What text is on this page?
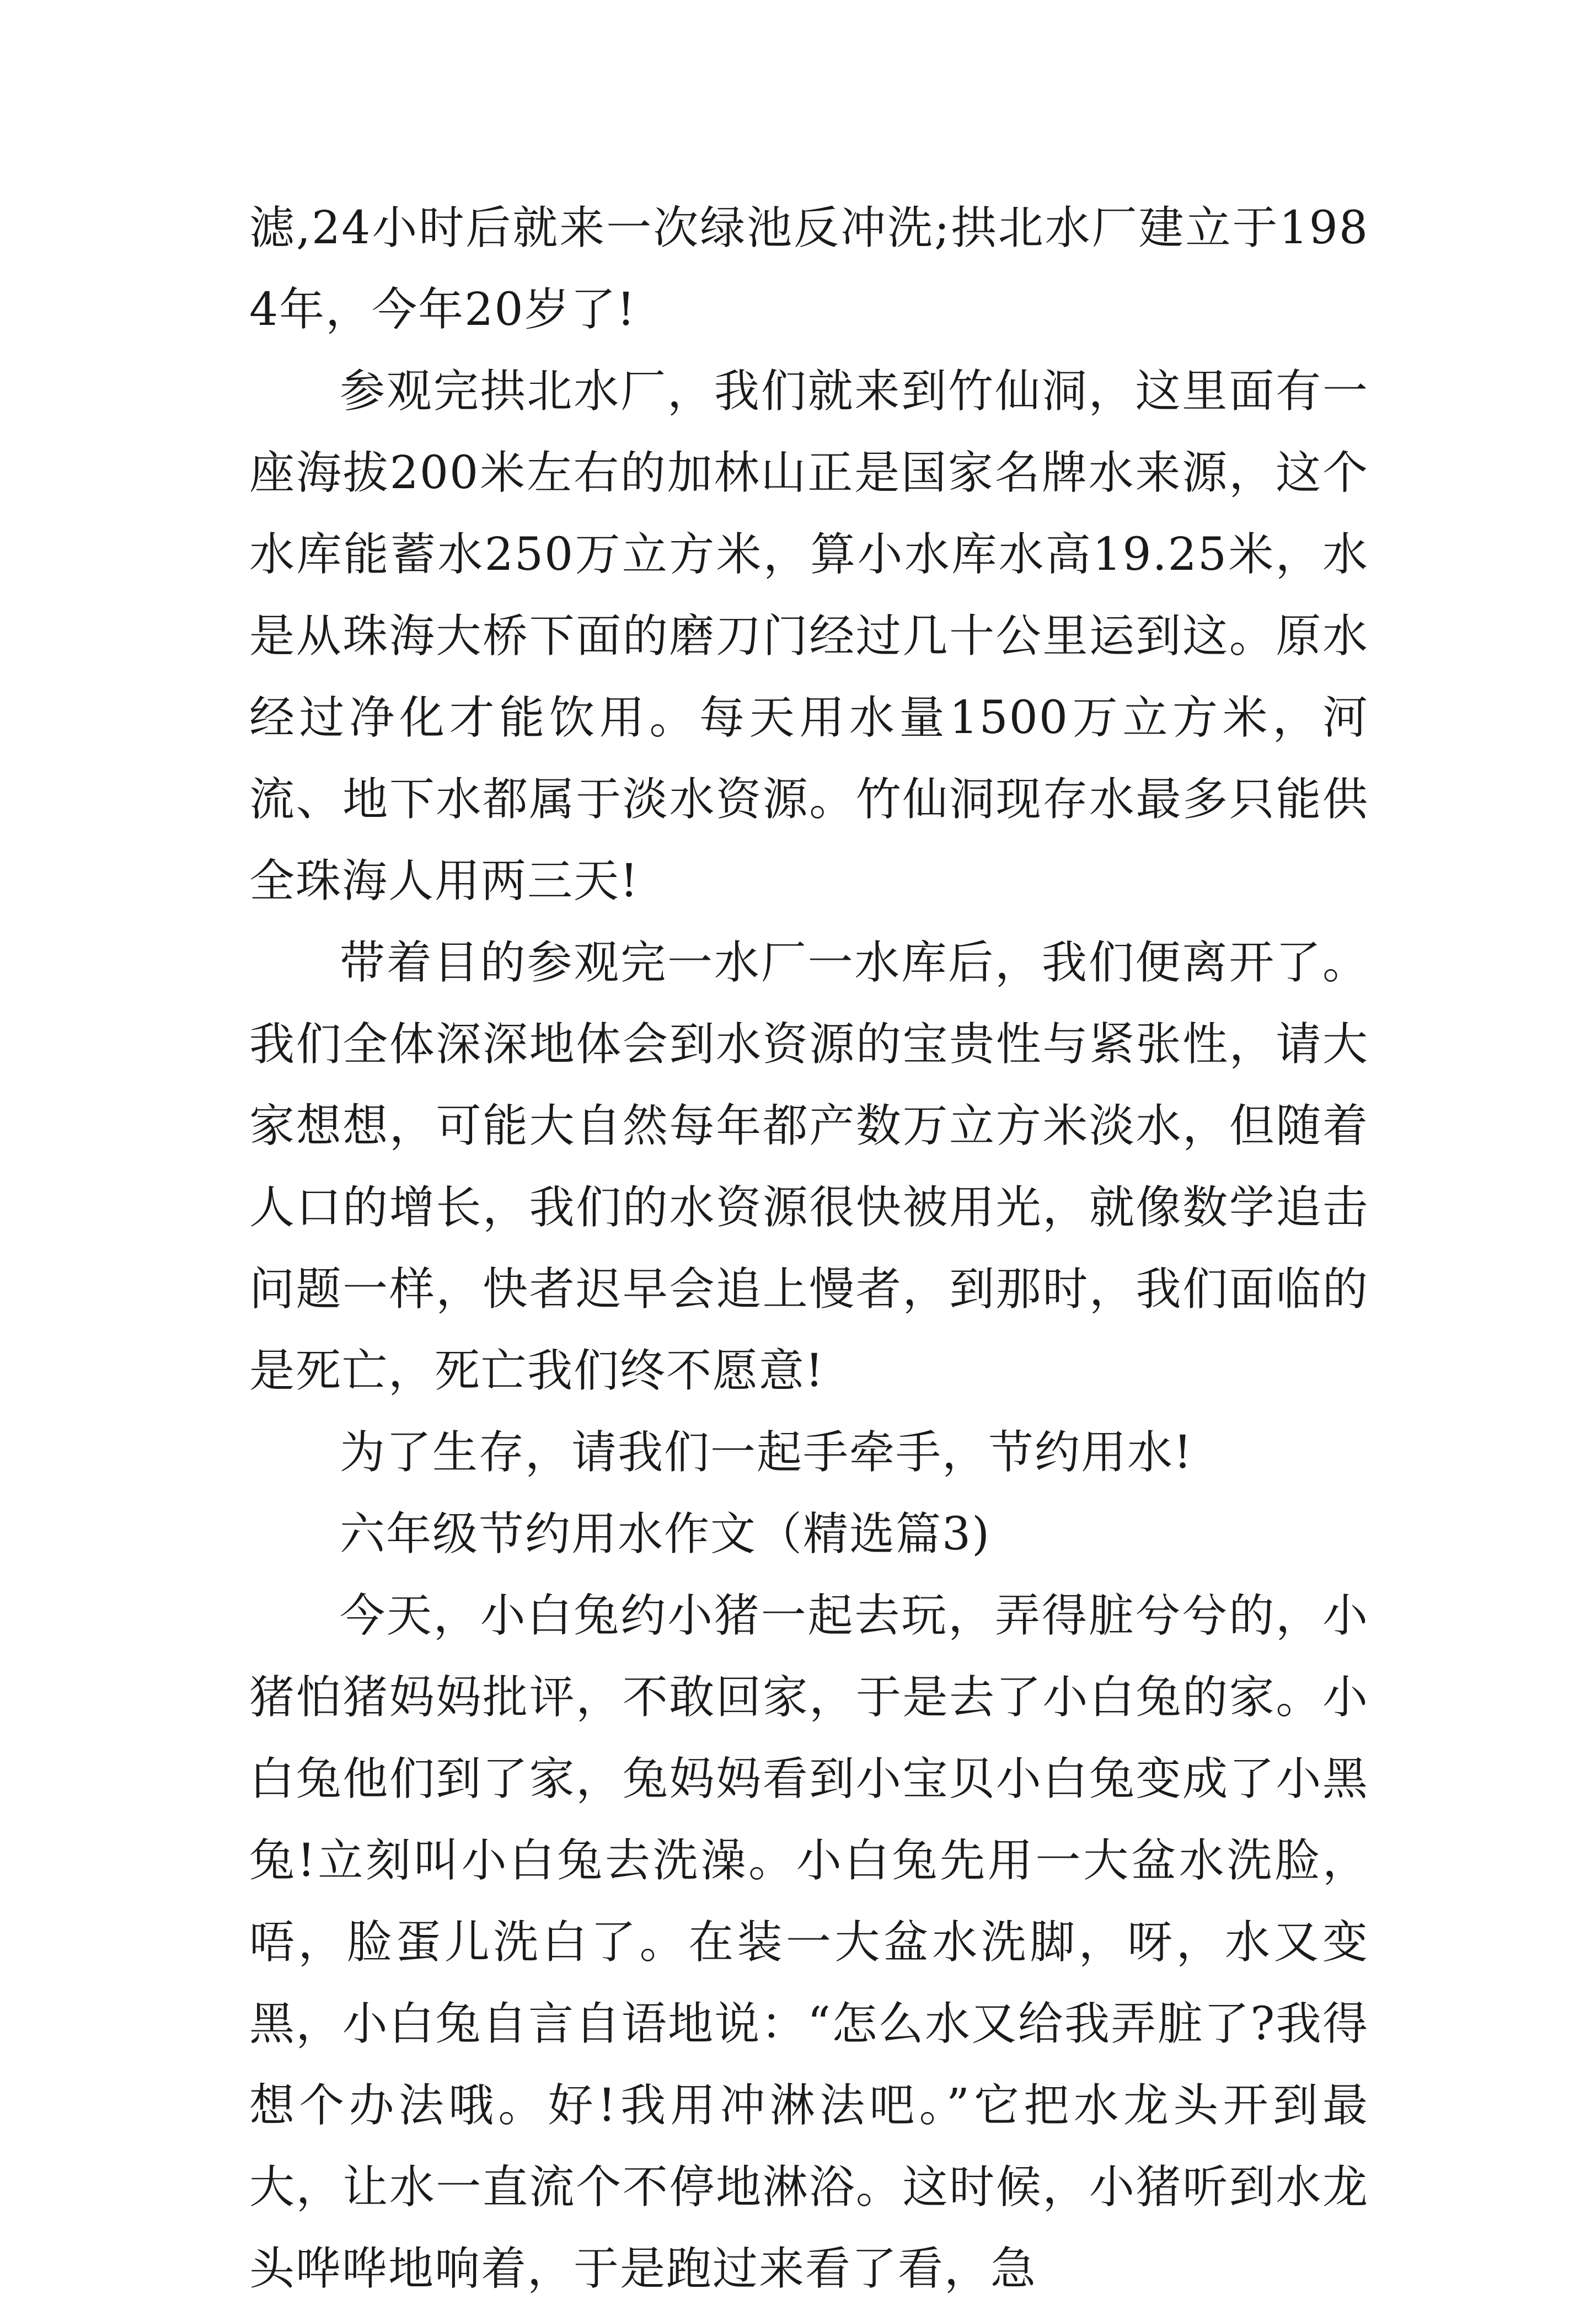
滤,24小时后就来一次绿池反冲洗;拱北水厂建立于1984年，今年20岁了!

参观完拱北水厂，我们就来到竹仙洞，这里面有一座海拔200米左右的加林山正是国家名牌水来源，这个水库能蓄水250万立方米，算小水库水高19.25米，水是从珠海大桥下面的磨刀门经过几十公里运到这。原水经过净化才能饮用。每天用水量1500万立方米，河流、地下水都属于淡水资源。竹仙洞现存水最多只能供全珠海人用两三天!

带着目的参观完一水厂一水库后，我们便离开了。我们全体深深地体会到水资源的宝贵性与紧张性，请大家想想，可能大自然每年都产数万立方米淡水，但随着人口的增长，我们的水资源很快被用光，就像数学追击问题一样，快者迟早会追上慢者，到那时，我们面临的是死亡，死亡我们终不愿意!

为了生存，请我们一起手牵手，节约用水!

六年级节约用水作文（精选篇3)

今天，小白兔约小猪一起去玩，弄得脏兮兮的，小猪怕猪妈妈批评，不敢回家，于是去了小白兔的家。小白兔他们到了家，兔妈妈看到小宝贝小白兔变成了小黑兔!立刻叫小白兔去洗澡。小白兔先用一大盆水洗脸，唔，脸蛋儿洗白了。在装一大盆水洗脚，呀，水又变黑，小白兔自言自语地说：“怎么水又给我弄脏了?我得想个办法哦。好!我用冲淋法吧。”它把水龙头开到最大，让水一直流个不停地淋浴。这时候，小猪听到水龙头哗哗地响着，于是跑过来看了看，急
